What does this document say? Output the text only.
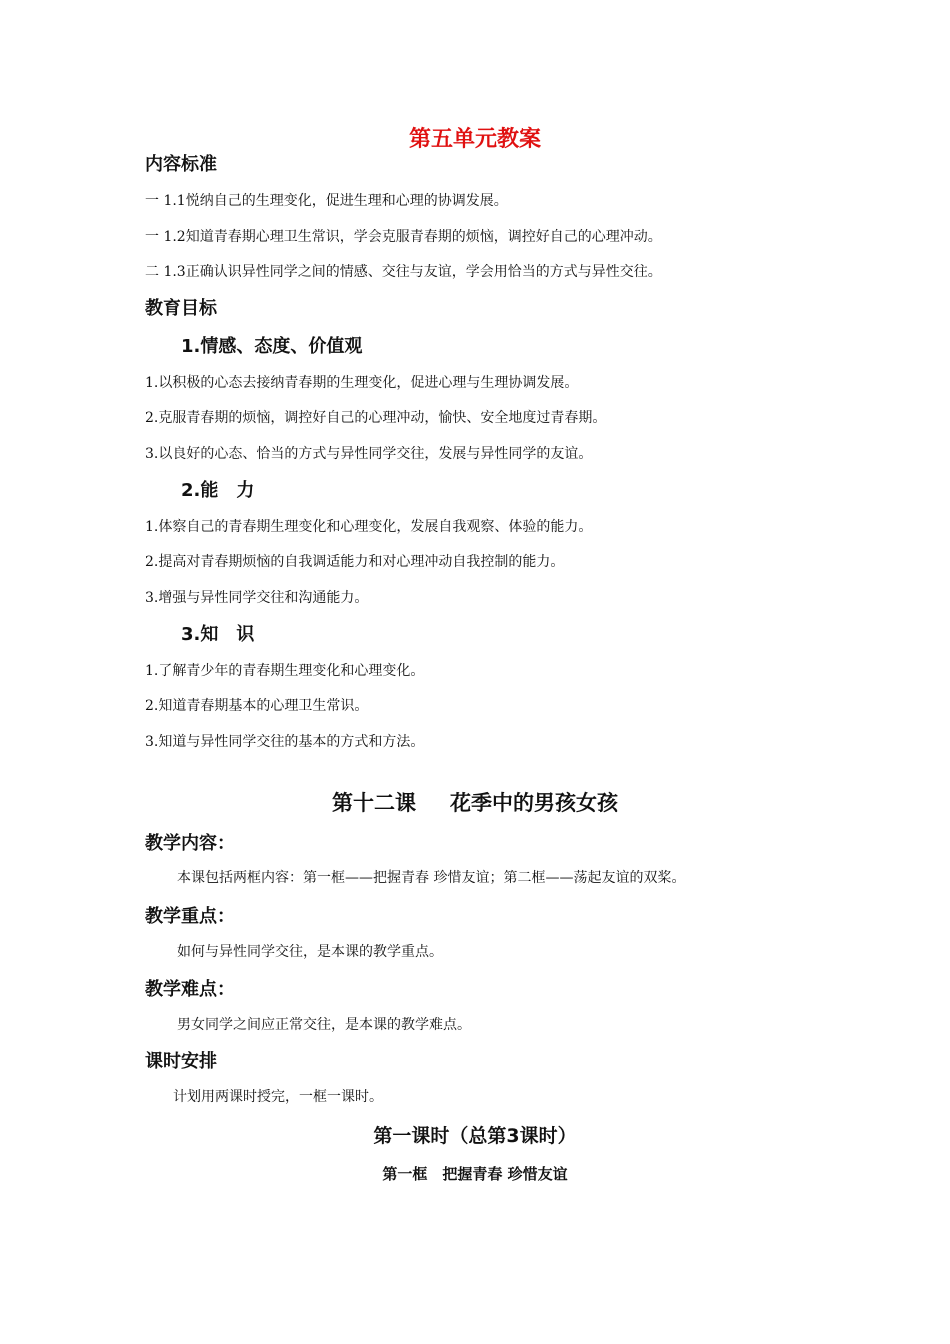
第五单元教案
内容标准
一 1.1悦纳自己的生理变化，促进生理和心理的协调发展。
一 1.2知道青春期心理卫生常识，学会克服青春期的烦恼，调控好自己的心理冲动。
二 1.3正确认识异性同学之间的情感、交往与友谊，学会用恰当的方式与异性交往。
教育目标
1.情感、态度、价值观
1.以积极的心态去接纳青春期的生理变化，促进心理与生理协调发展。
2.克服青春期的烦恼，调控好自己的心理冲动，愉快、安全地度过青春期。
3.以良好的心态、恰当的方式与异性同学交往，发展与异性同学的友谊。
2.能　力
1.体察自己的青春期生理变化和心理变化，发展自我观察、体验的能力。
2.提高对青春期烦恼的自我调适能力和对心理冲动自我控制的能力。
3.增强与异性同学交往和沟通能力。
3.知　识
1.了解青少年的青春期生理变化和心理变化。
2.知道青春期基本的心理卫生常识。
3.知道与异性同学交往的基本的方式和方法。
第十二课 花季中的男孩女孩
教学内容：
本课包括两框内容：第一框——把握青春 珍惜友谊；第二框——荡起友谊的双桨。
教学重点：
如何与异性同学交往，是本课的教学重点。
教学难点：
男女同学之间应正常交往，是本课的教学难点。
课时安排
计划用两课时授完，一框一课时。
第一课时（总第3课时）
第一框　把握青春 珍惜友谊
